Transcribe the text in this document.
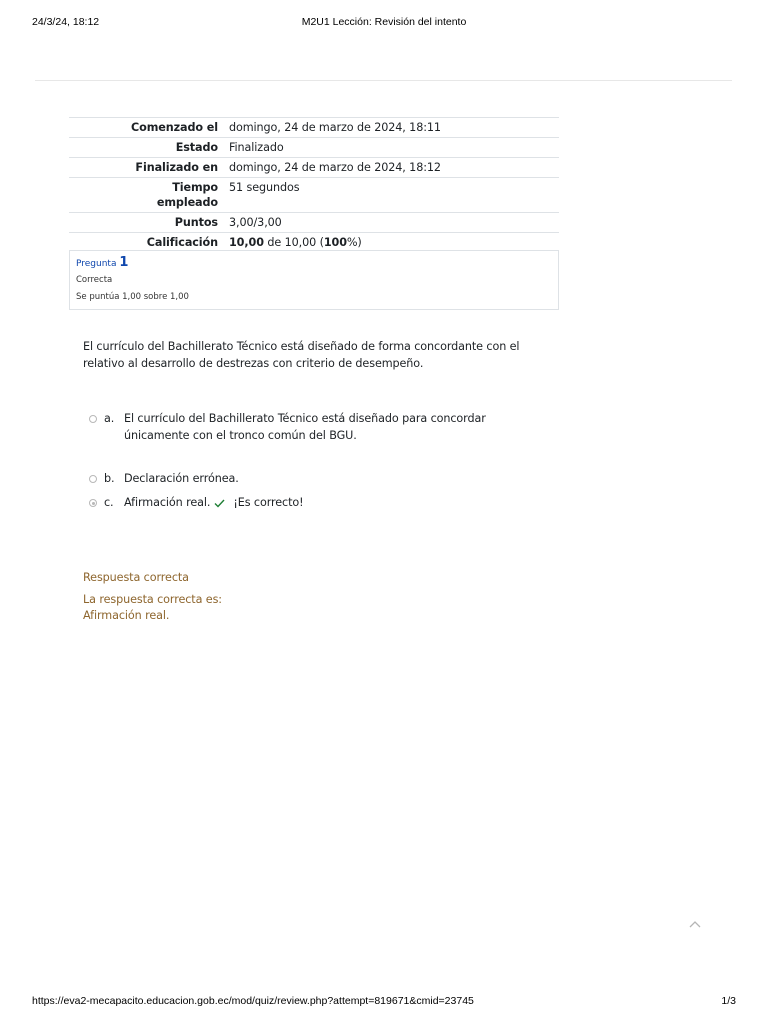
24/3/24, 18:12	M2U1 Lección: Revisión del intento
Comenzado el	domingo, 24 de marzo de 2024, 18:11
Estado	Finalizado
Finalizado en	domingo, 24 de marzo de 2024, 18:12
Tiempo empleado	51 segundos
Puntos	3,00/3,00
Calificación	10,00 de 10,00 (100%)
Pregunta 1
Correcta
Se puntúa 1,00 sobre 1,00
El currículo del Bachillerato Técnico está diseñado de forma concordante con el relativo al desarrollo de destrezas con criterio de desempeño.
a. El currículo del Bachillerato Técnico está diseñado para concordar únicamente con el tronco común del BGU.
b. Declaración errónea.
c. Afirmación real. ¡Es correcto!
Respuesta correcta
La respuesta correcta es:
Afirmación real.
https://eva2-mecapacito.educacion.gob.ec/mod/quiz/review.php?attempt=819671&cmid=23745	1/3
